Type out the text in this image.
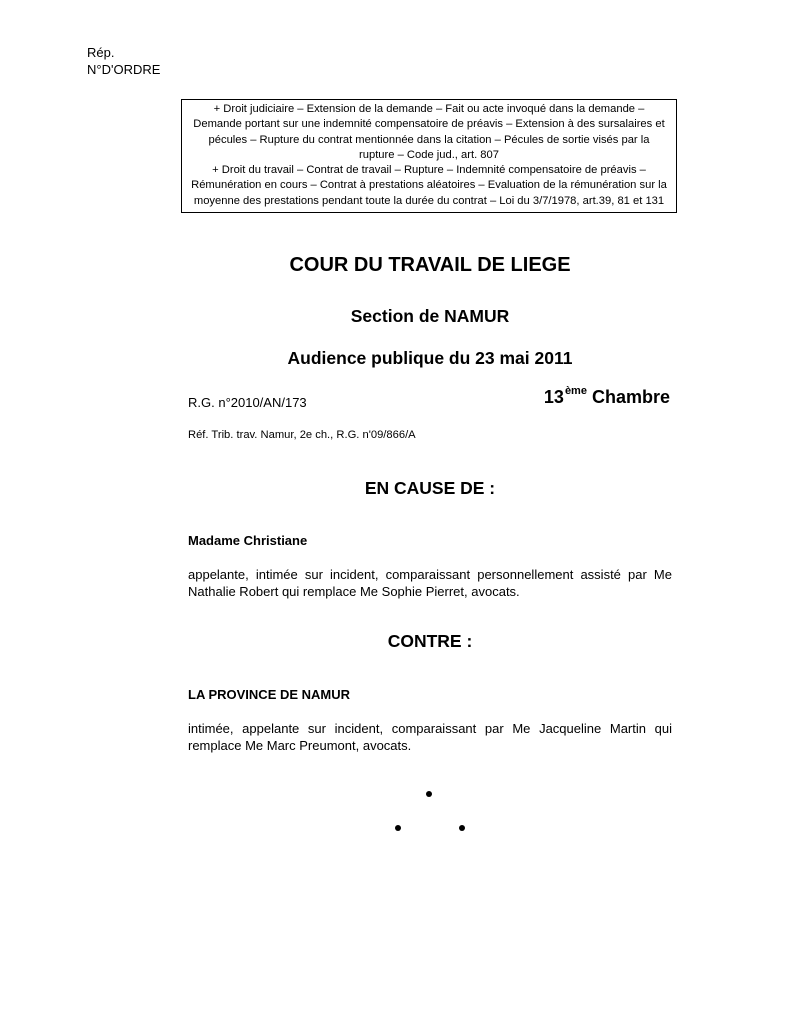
Rép.
N°D'ORDRE

+ Droit judiciaire – Extension de la demande – Fait ou acte invoqué dans la demande – Demande portant sur une indemnité compensatoire de préavis – Extension à des sursalaires et pécules – Rupture du contrat mentionnée dans la citation – Pécules de sortie visés par la rupture – Code jud., art. 807

+ Droit du travail – Contrat de travail – Rupture – Indemnité compensatoire de préavis – Rémunération en cours – Contrat à prestations aléatoires – Evaluation de la rémunération sur la moyenne des prestations pendant toute la durée du contrat – Loi du 3/7/1978, art.39, 81 et 131

COUR DU TRAVAIL DE LIEGE
Section de NAMUR
Audience publique du 23 mai 2011
R.G. n°2010/AN/173	13ème Chambre
Réf. Trib. trav. Namur, 2e ch., R.G. n'09/866/A
EN CAUSE DE :
Madame Christiane
appelante, intimée sur incident, comparaissant personnellement assisté par Me Nathalie Robert qui remplace Me Sophie Pierret, avocats.
CONTRE :
LA PROVINCE DE NAMUR
intimée, appelante sur incident, comparaissant par Me Jacqueline Martin qui remplace Me Marc Preumont, avocats.
